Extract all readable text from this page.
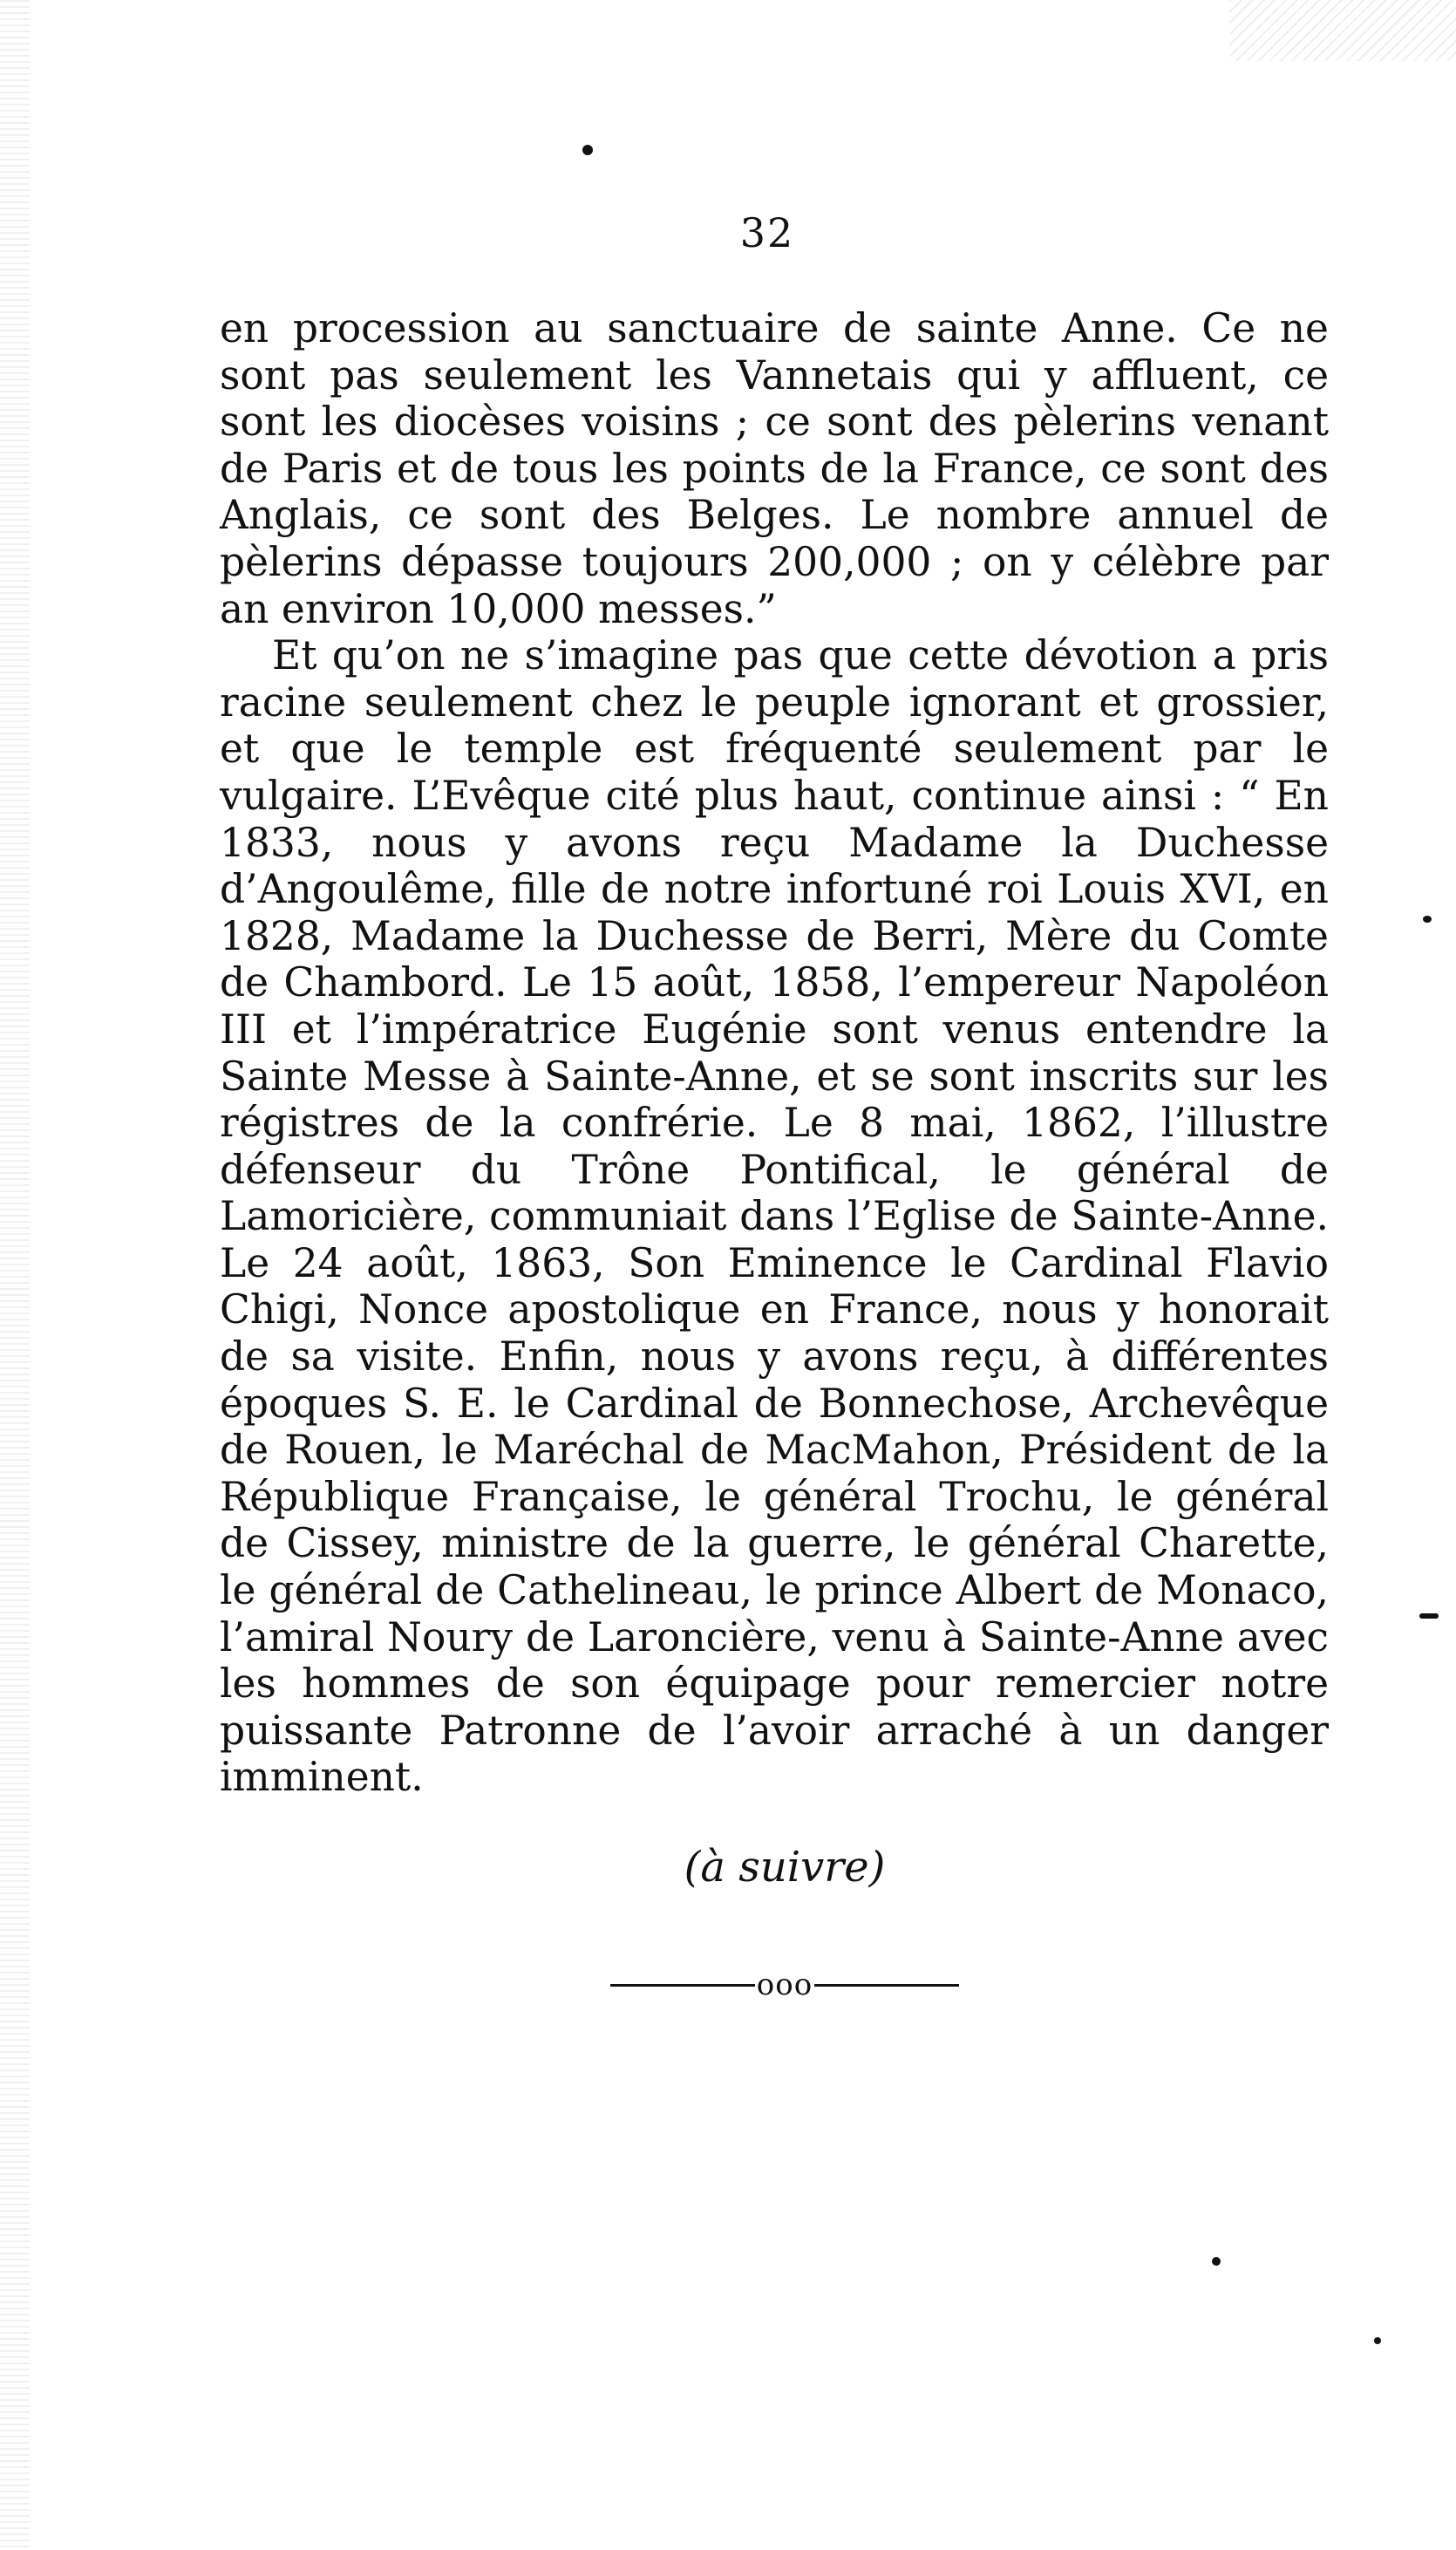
32

en procession au sanctuaire de sainte Anne. Ce ne sont pas seulement les Vannetais qui y affluent, ce sont les diocèses voisins ; ce sont des pèlerins venant de Paris et de tous les points de la France, ce sont des Anglais, ce sont des Belges. Le nombre annuel de pèlerins dépasse toujours 200,000 ; on y célèbre par an environ 10,000 messes.”

Et qu’on ne s’imagine pas que cette dévotion a pris racine seulement chez le peuple ignorant et grossier, et que le temple est fréquenté seulement par le vulgaire. L’Evêque cité plus haut, continue ainsi : “ En 1833, nous y avons reçu Madame la Duchesse d’Angoulême, fille de notre infortuné roi Louis XVI, en 1828, Madame la Duchesse de Berri, Mère du Comte de Chambord. Le 15 août, 1858, l’empereur Napoléon III et l’impératrice Eugénie sont venus entendre la Sainte Messe à Sainte-Anne, et se sont inscrits sur les régistres de la confrérie. Le 8 mai, 1862, l’illustre défenseur du Trône Pontifical, le général de Lamoricière, communiait dans l’Eglise de Sainte-Anne. Le 24 août, 1863, Son Eminence le Cardinal Flavio Chigi, Nonce apostolique en France, nous y honorait de sa visite. Enfin, nous y avons reçu, à différentes époques S. E. le Cardinal de Bonnechose, Archevêque de Rouen, le Maréchal de MacMahon, Président de la République Française, le général Trochu, le général de Cissey, ministre de la guerre, le général Charette, le général de Cathelineau, le prince Albert de Monaco, l’amiral Noury de Laroncière, venu à Sainte-Anne avec les hommes de son équipage pour remercier notre puissante Patronne de l’avoir arraché à un danger imminent.

(à suivre)
ooo
